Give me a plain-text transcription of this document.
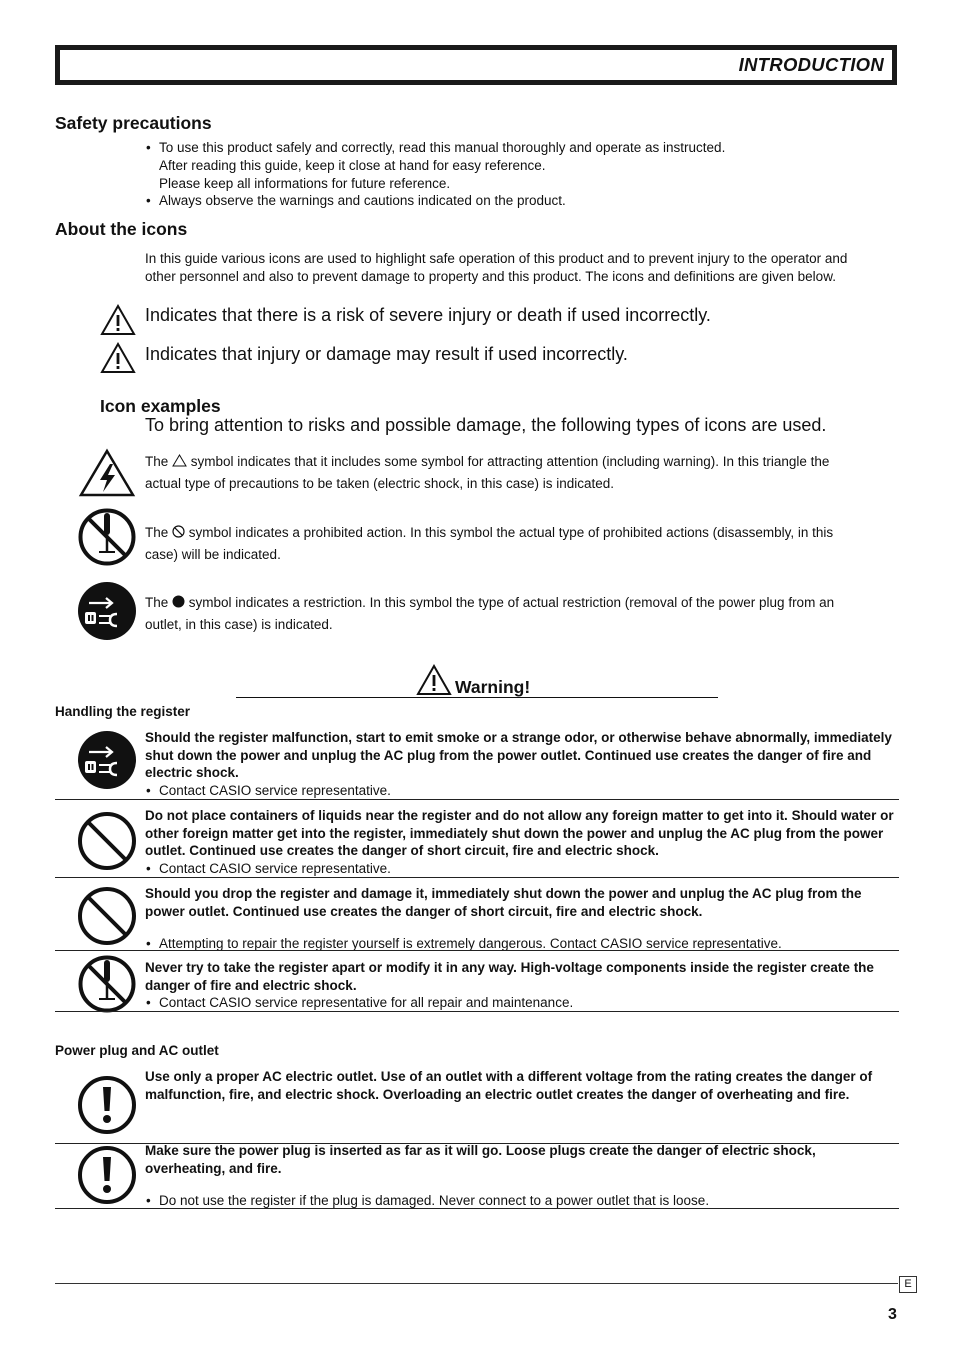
INTRODUCTION
Safety precautions
• To use this product safely and correctly, read this manual thoroughly and operate as instructed.
After reading this guide, keep it close at hand for easy reference.
Please keep all informations for future reference.
• Always observe the warnings and cautions indicated on the product.
About the icons
In this guide various icons are used to highlight safe operation of this product and to prevent injury to the operator and
other personnel and also to prevent damage to property and this product. The icons and definitions are given below.
Indicates that there is a risk of severe injury or death if used incorrectly.
Indicates that injury or damage may result if used incorrectly.
Icon examples
To bring attention to risks and possible damage, the following types of icons are used.
The symbol indicates that it includes some symbol for attracting attention (including warning). In this triangle the
actual type of precautions to be taken (electric shock, in this case) is indicated.
The symbol indicates a prohibited action. In this symbol the actual type of prohibited actions (disassembly, in this
case) will be indicated.
The symbol indicates a restriction. In this symbol the type of actual restriction (removal of the power plug from an
outlet, in this case) is indicated.
Warning!
Handling the register
Should the register malfunction, start to emit smoke or a strange odor, or otherwise behave abnormally, immediately shut down the power and unplug the AC plug from the power outlet. Continued use creates the danger of fire and electric shock.
• Contact CASIO service representative.
Do not place containers of liquids near the register and do not allow any foreign matter to get into it. Should water or other foreign matter get into the register, immediately shut down the power and unplug the AC plug from the power outlet. Continued use creates the danger of short circuit, fire and electric shock.
• Contact CASIO service representative.
Should you drop the register and damage it, immediately shut down the power and unplug the AC plug from the power outlet. Continued use creates the danger of short circuit, fire and electric shock.
• Attempting to repair the register yourself is extremely dangerous. Contact CASIO service representative.
Never try to take the register apart or modify it in any way. High-voltage components inside the register create the danger of fire and electric shock.
• Contact CASIO service representative for all repair and maintenance.
Power plug and AC outlet
Use only a proper AC electric outlet. Use of an outlet with a different voltage from the rating creates the danger of malfunction, fire, and electric shock. Overloading an electric outlet creates the danger of overheating and fire.
Make sure the power plug is inserted as far as it will go. Loose plugs create the danger of electric shock, overheating, and fire.
• Do not use the register if the plug is damaged. Never connect to a power outlet that is loose.
E
3
